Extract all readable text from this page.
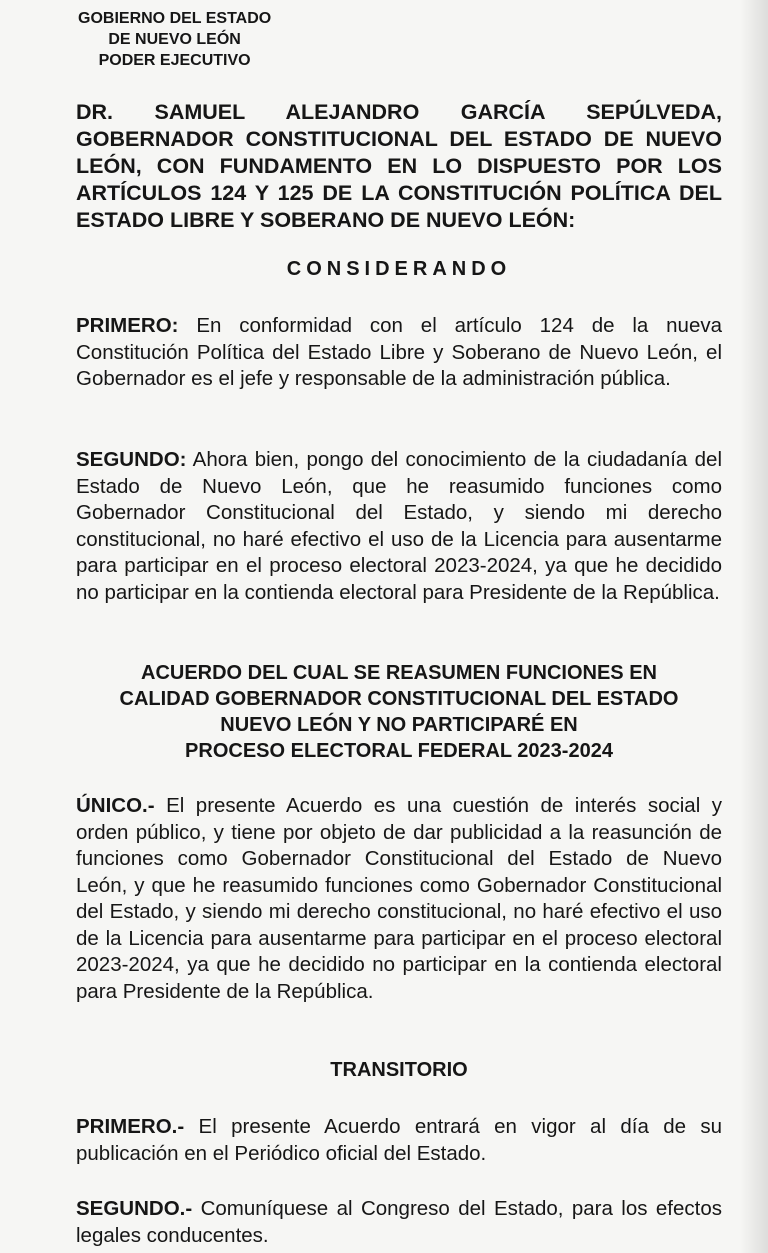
GOBIERNO DEL ESTADO
DE NUEVO LEÓN
PODER EJECUTIVO
DR. SAMUEL ALEJANDRO GARCÍA SEPÚLVEDA, GOBERNADOR CONSTITUCIONAL DEL ESTADO DE NUEVO LEÓN, CON FUNDAMENTO EN LO DISPUESTO POR LOS ARTÍCULOS 124 Y 125 DE LA CONSTITUCIÓN POLÍTICA DEL ESTADO LIBRE Y SOBERANO DE NUEVO LEÓN:
CONSIDERANDO
PRIMERO: En conformidad con el artículo 124 de la nueva Constitución Política del Estado Libre y Soberano de Nuevo León, el Gobernador es el jefe y responsable de la administración pública.
SEGUNDO: Ahora bien, pongo del conocimiento de la ciudadanía del Estado de Nuevo León, que he reasumido funciones como Gobernador Constitucional del Estado, y siendo mi derecho constitucional, no haré efectivo el uso de la Licencia para ausentarme para participar en el proceso electoral 2023-2024, ya que he decidido no participar en la contienda electoral para Presidente de la República.
ACUERDO DEL CUAL SE REASUMEN FUNCIONES EN
CALIDAD GOBERNADOR CONSTITUCIONAL DEL ESTADO
NUEVO LEÓN Y NO PARTICIPARÉ EN
PROCESO ELECTORAL FEDERAL 2023-2024
ÚNICO.- El presente Acuerdo es una cuestión de interés social y orden público, y tiene por objeto de dar publicidad a la reasunción de funciones como Gobernador Constitucional del Estado de Nuevo León, y que he reasumido funciones como Gobernador Constitucional del Estado, y siendo mi derecho constitucional, no haré efectivo el uso de la Licencia para ausentarme para participar en el proceso electoral 2023-2024, ya que he decidido no participar en la contienda electoral para Presidente de la República.
TRANSITORIO
PRIMERO.- El presente Acuerdo entrará en vigor al día de su publicación en el Periódico oficial del Estado.
SEGUNDO.- Comuníquese al Congreso del Estado, para los efectos legales conducentes.
